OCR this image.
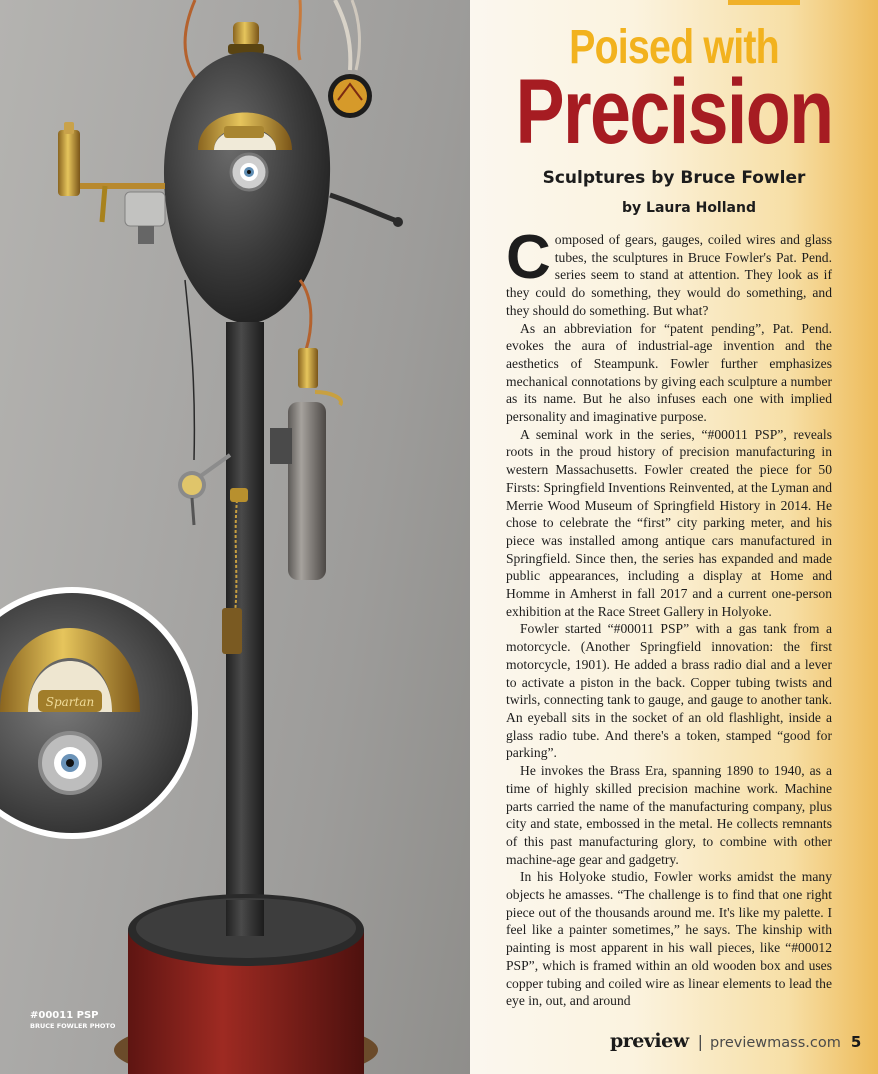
Spartan
#00011 PSP
BRUCE FOWLER PHOTO
Poised with
Precision
Sculptures by Bruce Fowler
by Laura Holland

Composed of gears, gauges, coiled wires and glass tubes, the sculptures in Bruce Fowler's Pat. Pend. series seem to stand at attention. They look as if they could do something, they would do something, and they should do something. But what?

As an abbreviation for “patent pending”, Pat. Pend. evokes the aura of industrial-age invention and the aesthetics of Steampunk. Fowler further emphasizes mechanical connotations by giving each sculpture a number as its name. But he also infuses each one with implied personality and imaginative purpose.

A seminal work in the series, “#00011 PSP”, reveals roots in the proud history of precision manufacturing in western Massachusetts. Fowler created the piece for 50 Firsts: Springfield Inventions Reinvented, at the Lyman and Merrie Wood Museum of Springfield History in 2014. He chose to celebrate the “first” city parking meter, and his piece was installed among antique cars manufactured in Springfield. Since then, the series has expanded and made public appearances, including a display at Home and Homme in Amherst in fall 2017 and a current one-person exhibition at the Race Street Gallery in Holyoke.

Fowler started “#00011 PSP” with a gas tank from a motorcycle. (Another Springfield innovation: the first motorcycle, 1901). He added a brass radio dial and a lever to activate a piston in the back. Copper tubing twists and twirls, connecting tank to gauge, and gauge to another tank. An eyeball sits in the socket of an old flashlight, inside a glass radio tube. And there's a token, stamped “good for parking”.

He invokes the Brass Era, spanning 1890 to 1940, as a time of highly skilled precision machine work. Machine parts carried the name of the manufacturing company, plus city and state, embossed in the metal. He collects remnants of this past manufacturing glory, to combine with other machine-age gear and gadgetry.

In his Holyoke studio, Fowler works amidst the many objects he amasses. “The challenge is to find that one right piece out of the thousands around me. It's like my palette. I feel like a painter sometimes,” he says. The kinship with painting is most apparent in his wall pieces, like “#00012 PSP”, which is framed within an old wooden box and uses copper tubing and coiled wire as linear elements to lead the eye in, out, and around

preview | previewmass.com 5
